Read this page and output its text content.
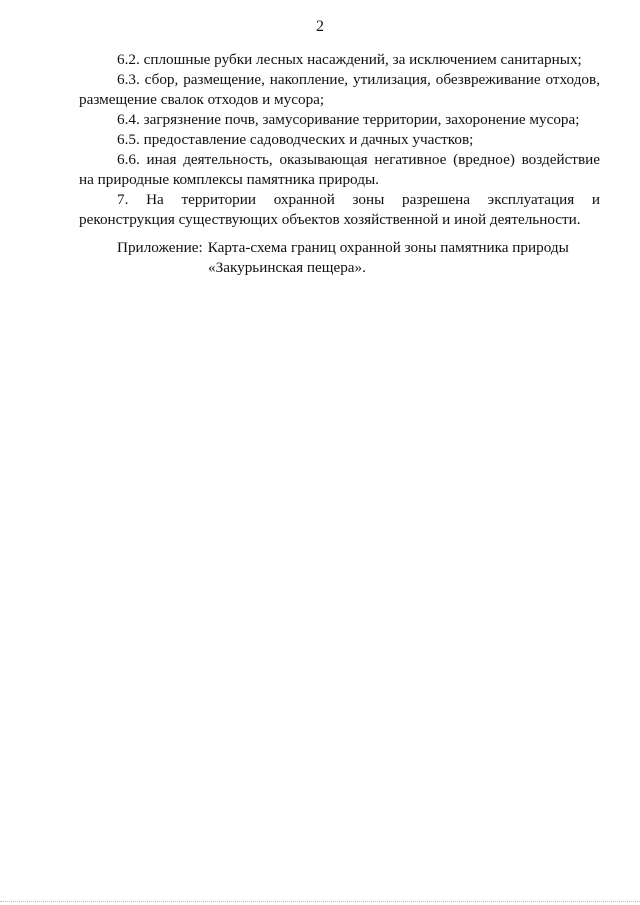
2

6.2. сплошные рубки лесных насаждений, за исключением санитарных;

6.3. сбор, размещение, накопление, утилизация, обезвреживание отходов, размещение свалок отходов и мусора;

6.4. загрязнение почв, замусоривание территории, захоронение мусора;

6.5. предоставление садоводческих и дачных участков;

6.6. иная деятельность, оказывающая негативное (вредное) воздействие на природные комплексы памятника природы.

7. На территории охранной зоны разрешена эксплуатация и реконструкция существующих объектов хозяйственной и иной деятельности.

Приложение: Карта-схема границ охранной зоны памятника природы
«Закурьинская пещера».
